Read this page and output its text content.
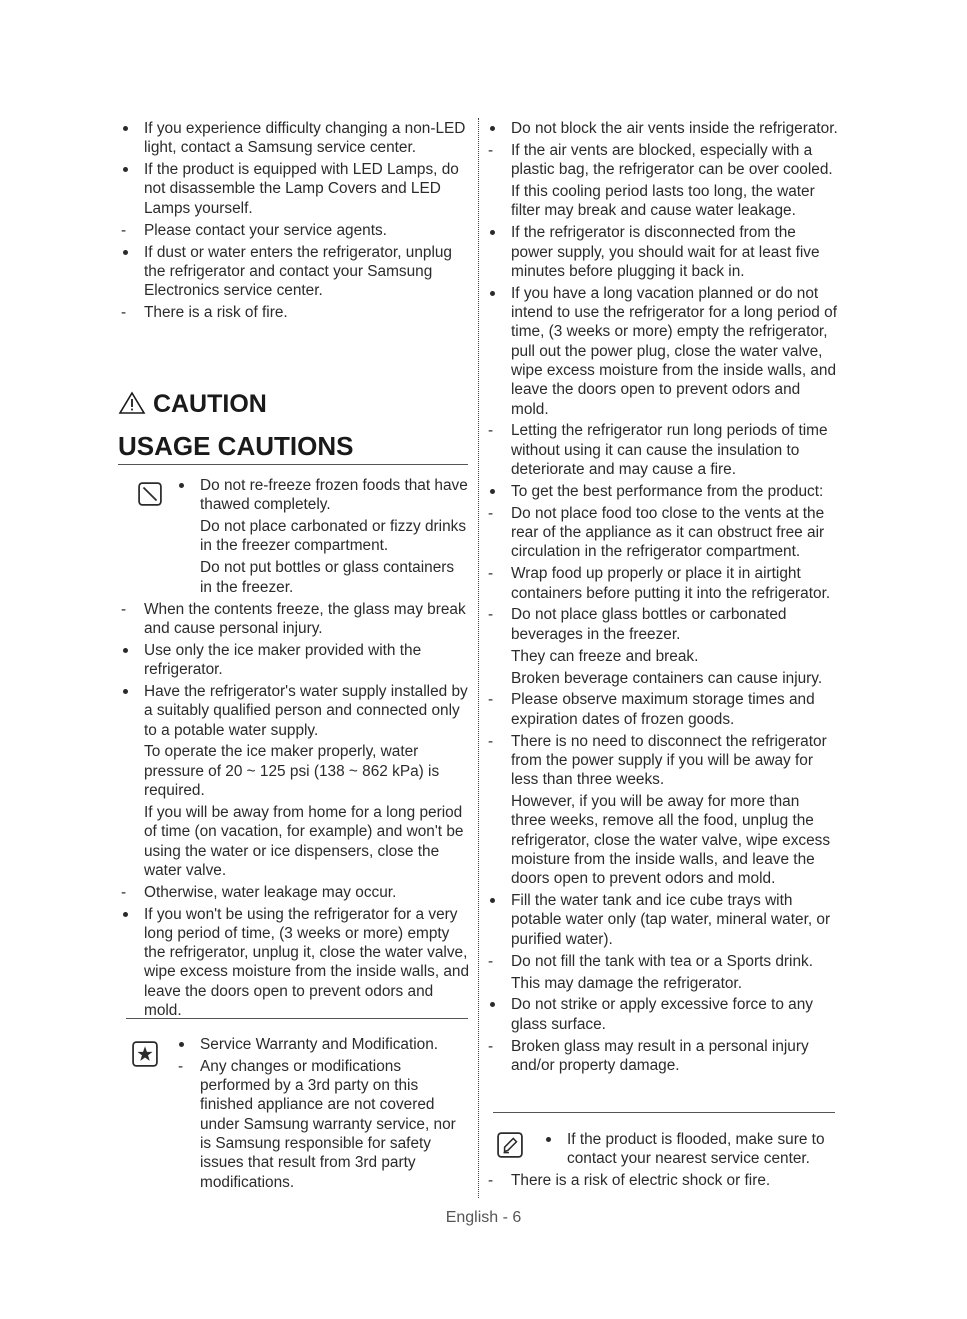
If you experience difficulty changing a non-LED light, contact a Samsung service center.
If the product is equipped with LED Lamps, do not disassemble the Lamp Covers and LED Lamps yourself.
- Please contact your service agents.
If dust or water enters the refrigerator, unplug the refrigerator and contact your Samsung Electronics service center.
- There is a risk of fire.
CAUTION
USAGE CAUTIONS
Do not re-freeze frozen foods that have thawed completely.
Do not place carbonated or fizzy drinks in the freezer compartment.
Do not put bottles or glass containers in the freezer.
- When the contents freeze, the glass may break and cause personal injury.
Use only the ice maker provided with the refrigerator.
Have the refrigerator's water supply installed by a suitably qualified person and connected only to a potable water supply.
To operate the ice maker properly, water pressure of 20 ~ 125 psi (138 ~ 862 kPa) is required.
If you will be away from home for a long period of time (on vacation, for example) and won't be using the water or ice dispensers, close the water valve.
- Otherwise, water leakage may occur.
If you won't be using the refrigerator for a very long period of time, (3 weeks or more) empty the refrigerator, unplug it, close the water valve, wipe excess moisture from the inside walls, and leave the doors open to prevent odors and mold.
Service Warranty and Modification.
- Any changes or modifications performed by a 3rd party on this finished appliance are not covered under Samsung warranty service, nor is Samsung responsible for safety issues that result from 3rd party modifications.
Do not block the air vents inside the refrigerator.
- If the air vents are blocked, especially with a plastic bag, the refrigerator can be over cooled.
If this cooling period lasts too long, the water filter may break and cause water leakage.
If the refrigerator is disconnected from the power supply, you should wait for at least five minutes before plugging it back in.
If you have a long vacation planned or do not intend to use the refrigerator for a long period of time, (3 weeks or more) empty the refrigerator, pull out the power plug, close the water valve, wipe excess moisture from the inside walls, and leave the doors open to prevent odors and mold.
- Letting the refrigerator run long periods of time without using it can cause the insulation to deteriorate and may cause a fire.
To get the best performance from the product:
- Do not place food too close to the vents at the rear of the appliance as it can obstruct free air circulation in the refrigerator compartment.
- Wrap food up properly or place it in airtight containers before putting it into the refrigerator.
- Do not place glass bottles or carbonated beverages in the freezer.
They can freeze and break.
Broken beverage containers can cause injury.
- Please observe maximum storage times and expiration dates of frozen goods.
- There is no need to disconnect the refrigerator from the power supply if you will be away for less than three weeks.
However, if you will be away for more than three weeks, remove all the food, unplug the refrigerator, close the water valve, wipe excess moisture from the inside walls, and leave the doors open to prevent odors and mold.
Fill the water tank and ice cube trays with potable water only (tap water, mineral water, or purified water).
- Do not fill the tank with tea or a Sports drink.
This may damage the refrigerator.
Do not strike or apply excessive force to any glass surface.
- Broken glass may result in a personal injury and/or property damage.
If the product is flooded, make sure to contact your nearest service center.
- There is a risk of electric shock or fire.
English - 6
